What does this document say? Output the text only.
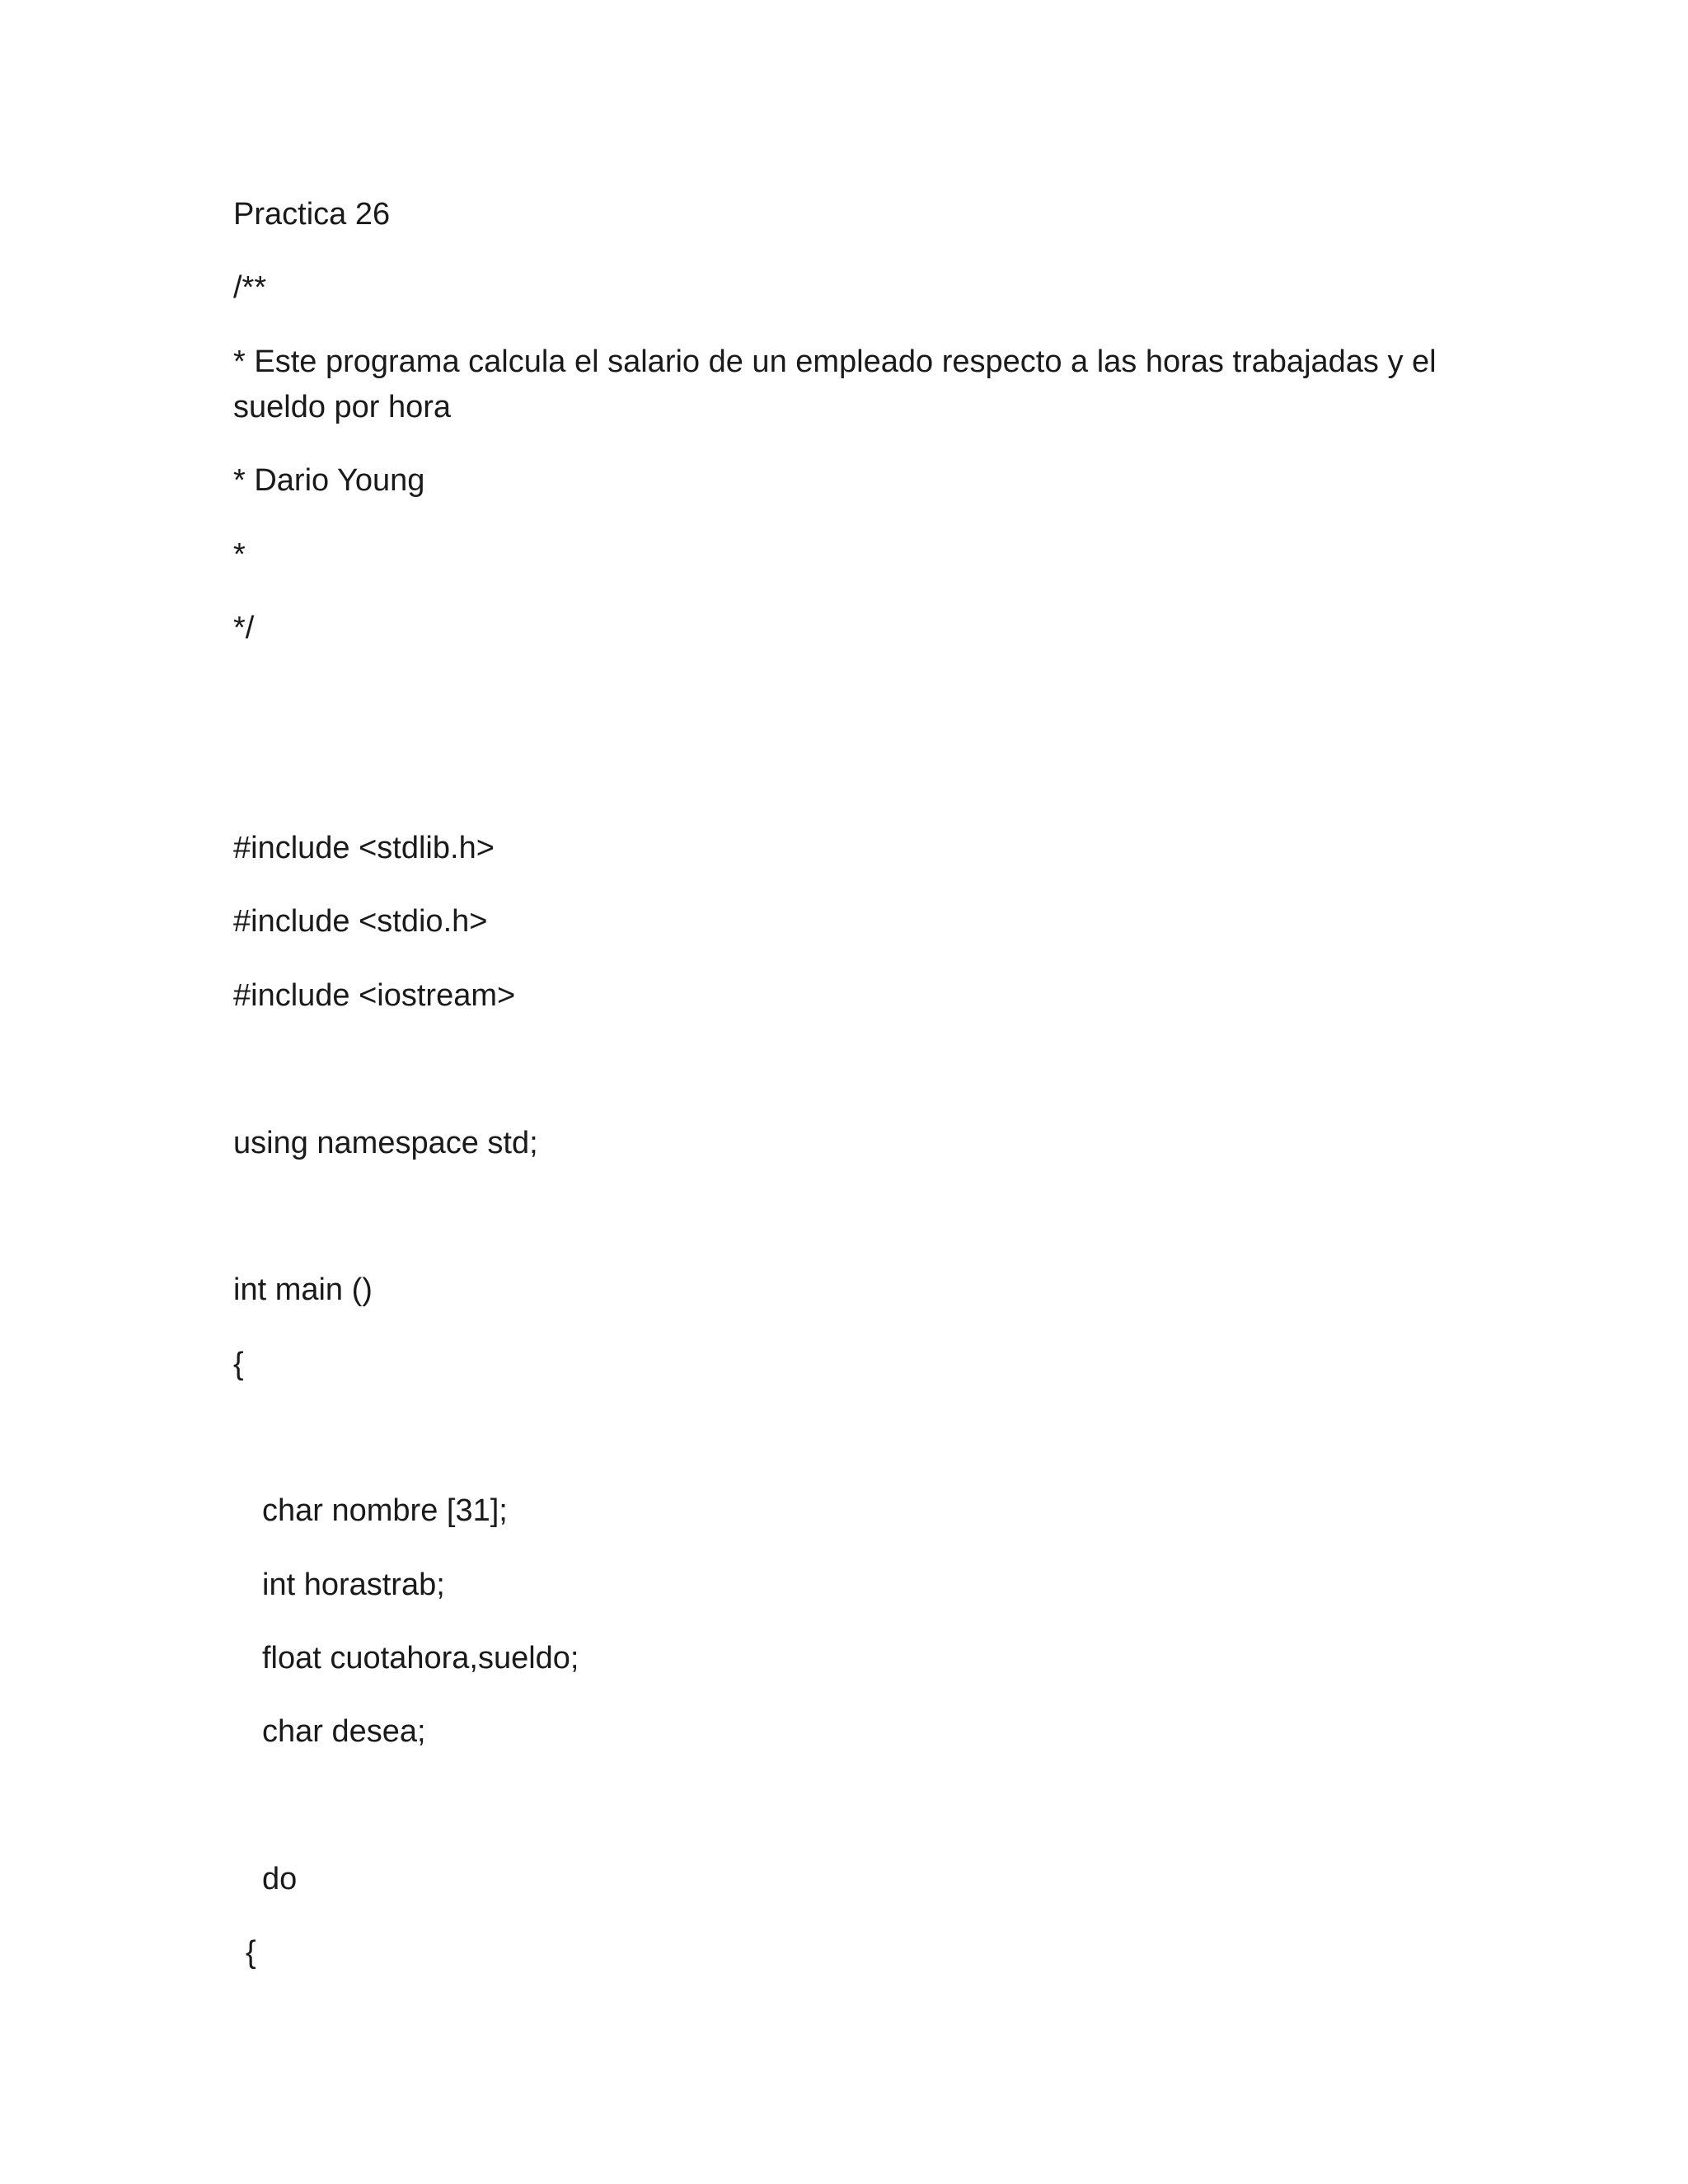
Practica 26

/**

* Este programa calcula el salario de un empleado respecto a las horas trabajadas y el

sueldo por hora

* Dario Young

*

*/

#include <stdlib.h>

#include <stdio.h>

#include <iostream>

using namespace std;

int main ()

{

char nombre [31];

int horastrab;

float cuotahora,sueldo;

char desea;

do

{
